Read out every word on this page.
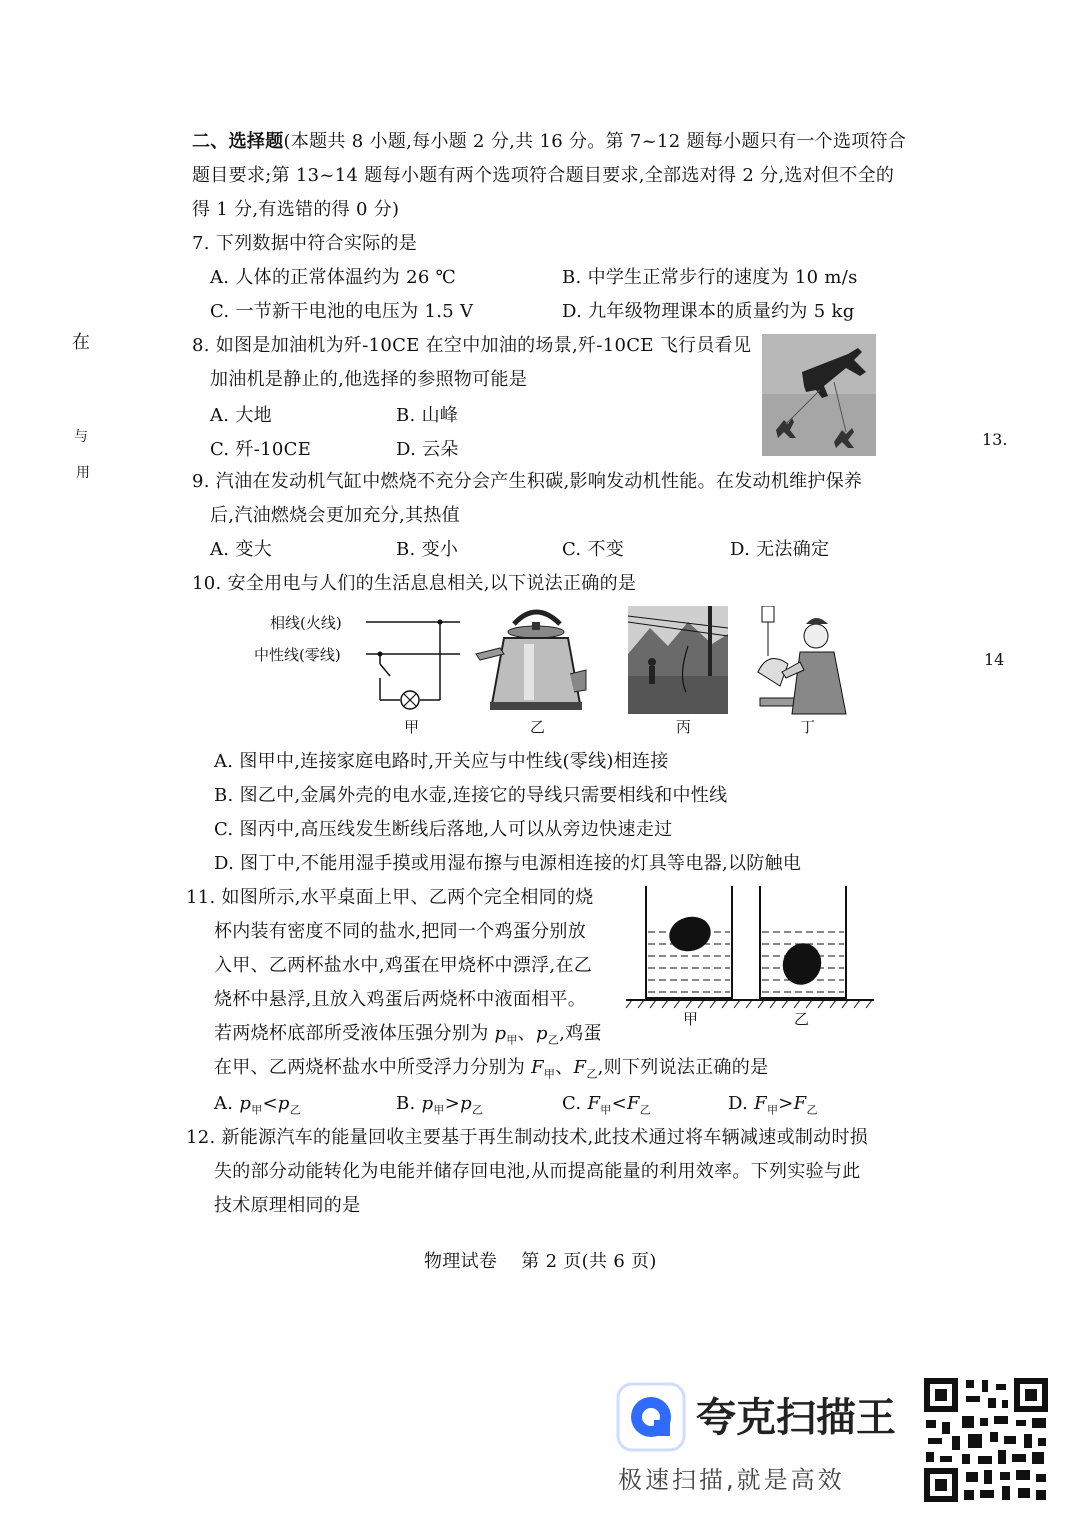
二、选择题(本题共 8 小题,每小题 2 分,共 16 分。第 7~12 题每小题只有一个选项符合
题目要求;第 13~14 题每小题有两个选项符合题目要求,全部选对得 2 分,选对但不全的
得 1 分,有选错的得 0 分)
7. 下列数据中符合实际的是
A. 人体的正常体温约为 26 ℃	B. 中学生正常步行的速度为 10 m/s
C. 一节新干电池的电压为 1.5 V	D. 九年级物理课本的质量约为 5 kg
8. 如图是加油机为歼-10CE 在空中加油的场景,歼-10CE 飞行员看见
加油机是静止的,他选择的参照物可能是
A. 大地	B. 山峰
C. 歼-10CE	D. 云朵
9. 汽油在发动机气缸中燃烧不充分会产生积碳,影响发动机性能。在发动机维护保养
后,汽油燃烧会更加充分,其热值
A. 变大	B. 变小	C. 不变	D. 无法确定
10. 安全用电与人们的生活息息相关,以下说法正确的是
相线(火线)
中性线(零线)
甲	乙	丙	丁
A. 图甲中,连接家庭电路时,开关应与中性线(零线)相连接
B. 图乙中,金属外壳的电水壶,连接它的导线只需要相线和中性线
C. 图丙中,高压线发生断线后落地,人可以从旁边快速走过
D. 图丁中,不能用湿手摸或用湿布擦与电源相连接的灯具等电器,以防触电
11. 如图所示,水平桌面上甲、乙两个完全相同的烧
杯内装有密度不同的盐水,把同一个鸡蛋分别放
入甲、乙两杯盐水中,鸡蛋在甲烧杯中漂浮,在乙
烧杯中悬浮,且放入鸡蛋后两烧杯中液面相平。
若两烧杯底部所受液体压强分别为 $p_甲$、$p_乙$,鸡蛋
在甲、乙两烧杯盐水中所受浮力分别为 $F_甲$、$F_乙$,则下列说法正确的是
A. $p_甲<p_乙$	B. $p_甲>p_乙$	C. $F_甲<F_乙$	D. $F_甲>F_乙$
甲	乙
12. 新能源汽车的能量回收主要基于再生制动技术,此技术通过将车辆减速或制动时损
失的部分动能转化为电能并储存回电池,从而提高能量的利用效率。下列实验与此
技术原理相同的是
物理试卷    第 2 页(共 6 页)
在
与
用
13.
14
夸克扫描王
极速扫描,就是高效
